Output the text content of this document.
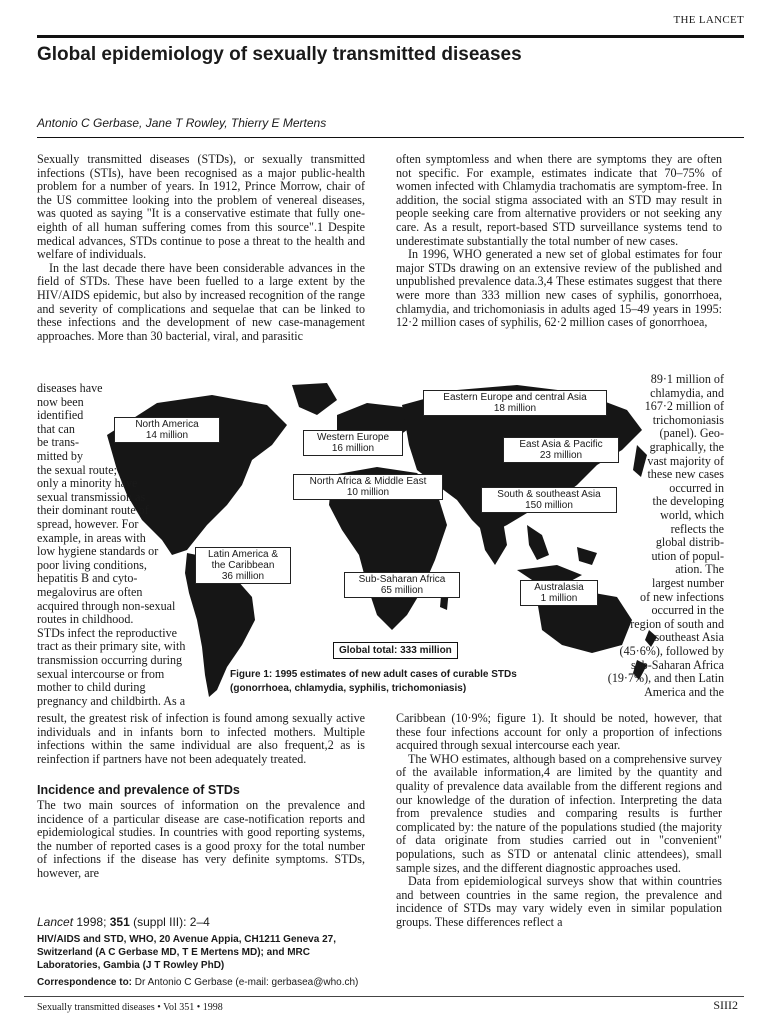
THE LANCET
Global epidemiology of sexually transmitted diseases
Antonio C Gerbase, Jane T Rowley, Thierry E Mertens

Sexually transmitted diseases (STDs), or sexually transmitted infections (STIs), have been recognised as a major public-health problem for a number of years. In 1912, Prince Morrow, chair of the US committee looking into the problem of venereal diseases, was quoted as saying "It is a conservative estimate that fully one-eighth of all human suffering comes from this source".1 Despite medical advances, STDs continue to pose a threat to the health and welfare of individuals.

In the last decade there have been considerable advances in the field of STDs. These have been fuelled to a large extent by the HIV/AIDS epidemic, but also by increased recognition of the range and severity of complications and sequelae that can be linked to these infections and the development of new case-management approaches. More than 30 bacterial, viral, and parasitic

often symptomless and when there are symptoms they are often not specific. For example, estimates indicate that 70–75% of women infected with Chlamydia trachomatis are symptom-free. In addition, the social stigma associated with an STD may result in people seeking care from alternative providers or not seeking any care. As a result, report-based STD surveillance systems tend to underestimate substantially the total number of new cases.

In 1996, WHO generated a new set of global estimates for four major STDs drawing on an extensive review of the published and unpublished prevalence data.3,4 These estimates suggest that there were more than 333 million new cases of syphilis, gonorrhoea, chlamydia, and trichomoniasis in adults aged 15–49 years in 1995: 12·2 million cases of syphilis, 62·2 million cases of gonorrhoea,

North America
14 million
Latin America & the Caribbean
36 million
Western Europe
16 million
North Africa & Middle East
10 million
Sub-Saharan Africa
65 million
Eastern Europe and central Asia
18 million
East Asia & Pacific
23 million
South & southeast Asia
150 million
Australasia
1 million
Global total: 333 million
Figure 1: 1995 estimates of new adult cases of curable STDs (gonorrhoea, chlamydia, syphilis, trichomoniasis)
diseases have
now been
identified
that can
be trans-
mitted by
the sexual route;
only a minority have
sexual transmission as
their dominant route of
spread, however. For
example, in areas with
low hygiene standards or
poor living conditions,
hepatitis B and cyto-
megalovirus are often
acquired through non-sexual
routes in childhood.
STDs infect the reproductive
tract as their primary site, with
transmission occurring during
sexual intercourse or from
mother to child during
pregnancy and childbirth. As a
89·1 million of
chlamydia, and
167·2 million of
trichomoniasis
(panel). Geo-
graphically, the
vast majority of
these new cases
occurred in
the developing
world, which
reflects the
global distrib-
ution of popul-
ation. The
largest number
of new infections
occurred in the
region of south and
southeast Asia
(45·6%), followed by
sub-Saharan Africa
(19·7%), and then Latin
America and the

result, the greatest risk of infection is found among sexually active individuals and in infants born to infected mothers. Multiple infections within the same individual are also frequent,2 as is reinfection if partners have not been adequately treated.

Incidence and prevalence of STDs

The two main sources of information on the prevalence and incidence of a particular disease are case-notification reports and epidemiological studies. In countries with good reporting systems, the number of reported cases is a good proxy for the total number of infections if the disease has very definite symptoms. STDs, however, are

Caribbean (10·9%; figure 1). It should be noted, however, that these four infections account for only a proportion of infections acquired through sexual intercourse each year.

The WHO estimates, although based on a comprehensive survey of the available information,4 are limited by the quantity and quality of prevalence data available from the different regions and our knowledge of the duration of infection. Interpreting the data from prevalence studies and comparing results is further complicated by: the nature of the populations studied (the majority of data originate from studies carried out in "convenient" populations, such as STD or antenatal clinic attendees), small sample sizes, and the different diagnostic approaches used.

Data from epidemiological surveys show that within countries and between countries in the same region, the prevalence and incidence of STDs may vary widely even in similar population groups. These differences reflect a

Lancet 1998; 351 (suppl III): 2–4
HIV/AIDS and STD, WHO, 20 Avenue Appia, CH1211 Geneva 27, Switzerland (A C Gerbase MD, T E Mertens MD); and MRC Laboratories, Gambia (J T Rowley PhD)
Correspondence to: Dr Antonio C Gerbase (e-mail: gerbasea@who.ch)
Sexually transmitted diseases • Vol 351 • 1998	SIII2
